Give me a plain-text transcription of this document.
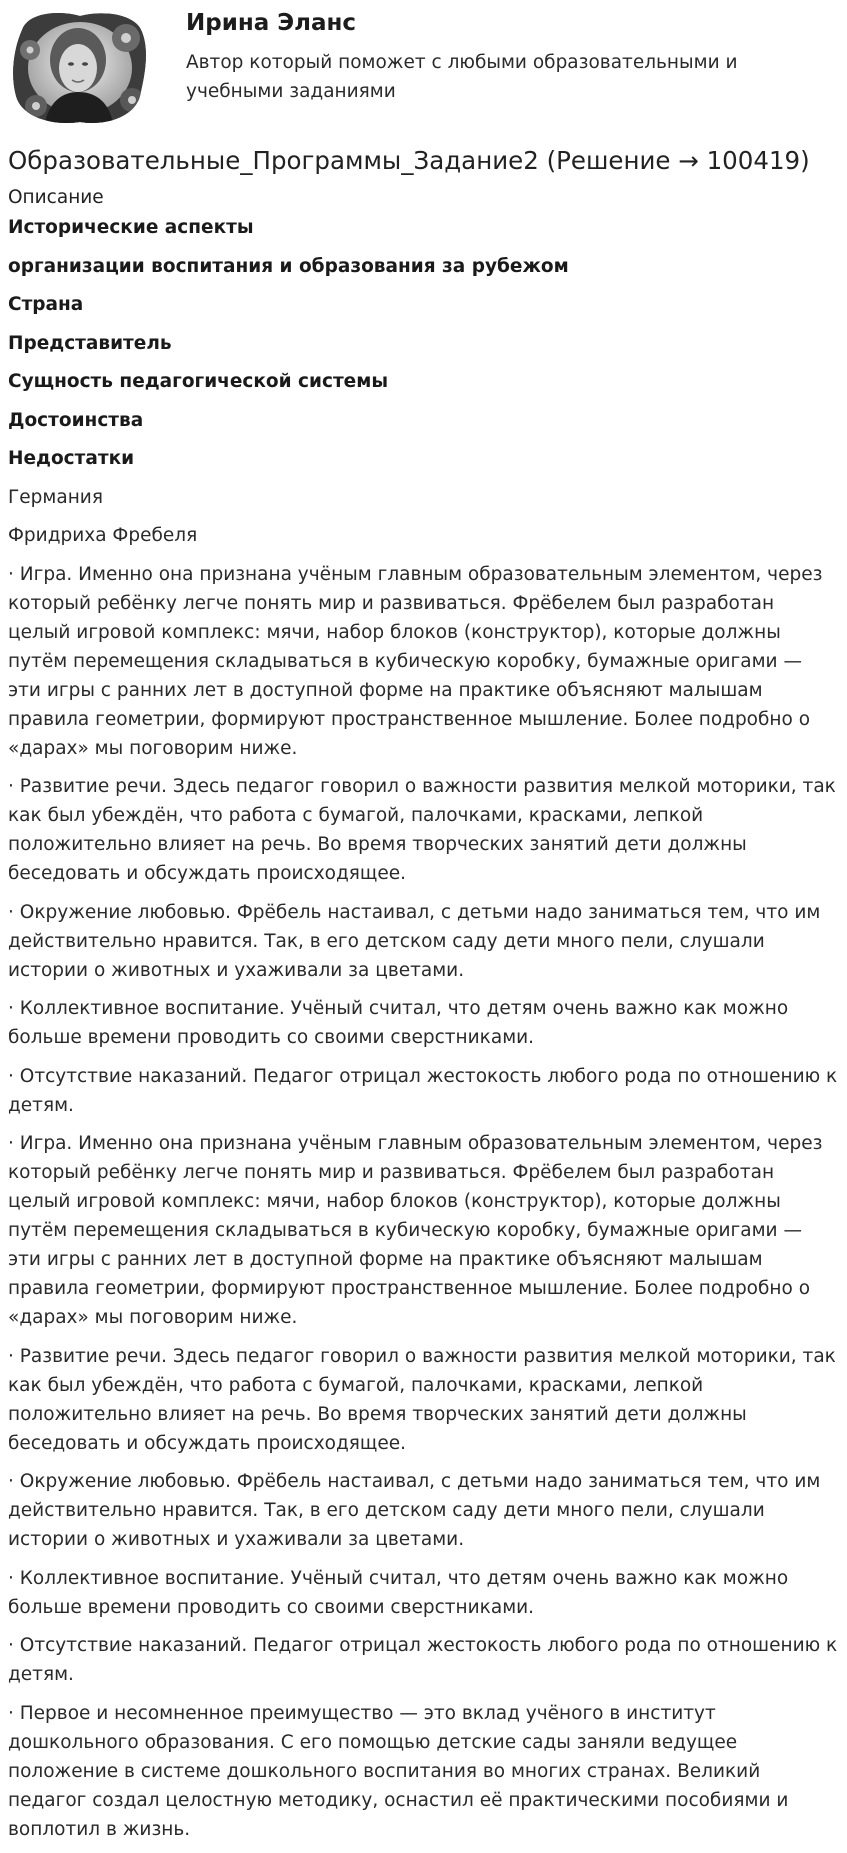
Ирина Эланс
Автор который поможет с любыми образовательными и учебными заданиями
Образовательные_Программы_Задание2 (Решение → 100419)
Описание

Исторические аспекты

организации воспитания и образования за рубежом

Страна

Представитель

Сущность педагогической системы

Достоинства

Недостатки

Германия

Фридриха Фребеля

· Игра. Именно она признана учёным главным образовательным элементом, через который ребёнку легче понять мир и развиваться. Фрёбелем был разработан целый игровой комплекс: мячи, набор блоков (конструктор), которые должны путём перемещения складываться в кубическую коробку, бумажные оригами — эти игры с ранних лет в доступной форме на практике объясняют малышам правила геометрии, формируют пространственное мышление. Более подробно о «дарах» мы поговорим ниже.

· Развитие речи. Здесь педагог говорил о важности развития мелкой моторики, так как был убеждён, что работа с бумагой, палочками, красками, лепкой положительно влияет на речь. Во время творческих занятий дети должны беседовать и обсуждать происходящее.

· Окружение любовью. Фрёбель настаивал, с детьми надо заниматься тем, что им действительно нравится. Так, в его детском саду дети много пели, слушали истории о животных и ухаживали за цветами.

· Коллективное воспитание. Учёный считал, что детям очень важно как можно больше времени проводить со своими сверстниками.

· Отсутствие наказаний. Педагог отрицал жестокость любого рода по отношению к детям.

· Игра. Именно она признана учёным главным образовательным элементом, через который ребёнку легче понять мир и развиваться. Фрёбелем был разработан целый игровой комплекс: мячи, набор блоков (конструктор), которые должны путём перемещения складываться в кубическую коробку, бумажные оригами — эти игры с ранних лет в доступной форме на практике объясняют малышам правила геометрии, формируют пространственное мышление. Более подробно о «дарах» мы поговорим ниже.

· Развитие речи. Здесь педагог говорил о важности развития мелкой моторики, так как был убеждён, что работа с бумагой, палочками, красками, лепкой положительно влияет на речь. Во время творческих занятий дети должны беседовать и обсуждать происходящее.

· Окружение любовью. Фрёбель настаивал, с детьми надо заниматься тем, что им действительно нравится. Так, в его детском саду дети много пели, слушали истории о животных и ухаживали за цветами.

· Коллективное воспитание. Учёный считал, что детям очень важно как можно больше времени проводить со своими сверстниками.

· Отсутствие наказаний. Педагог отрицал жестокость любого рода по отношению к детям.

· Первое и несомненное преимущество — это вклад учёного в институт дошкольного образования. С его помощью детские сады заняли ведущее положение в системе дошкольного воспитания во многих странах. Великий педагог создал целостную методику, оснастил её практическими пособиями и воплотил в жизнь.
